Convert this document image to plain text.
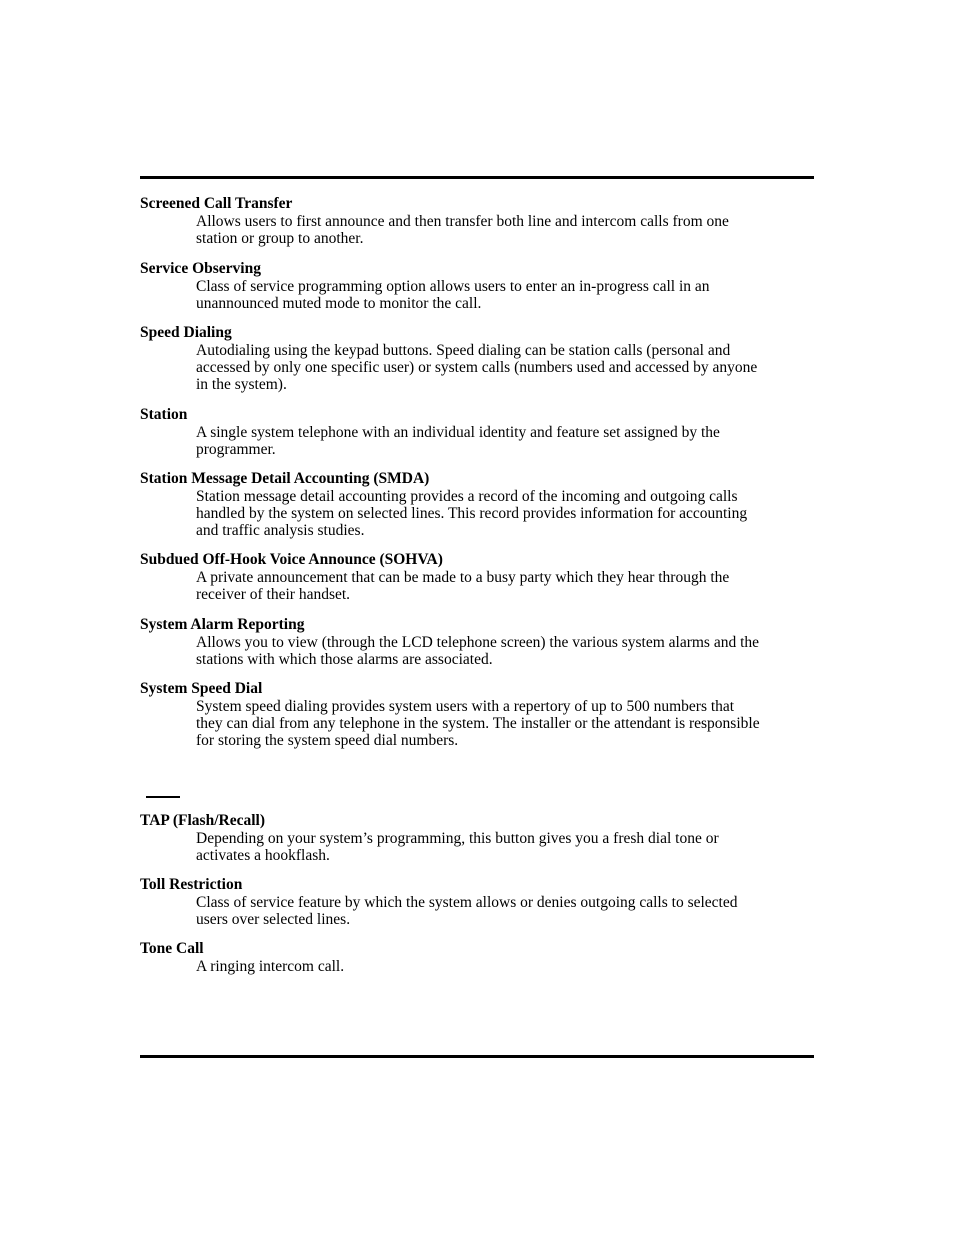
Screened Call Transfer
Allows users to first announce and then transfer both line and intercom calls from one station or group to another.
Service Observing
Class of service programming option allows users to enter an in-progress call in an unannounced muted mode to monitor the call.
Speed Dialing
Autodialing using the keypad buttons. Speed dialing can be station calls (personal and accessed by only one specific user) or system calls (numbers used and accessed by anyone in the system).
Station
A single system telephone with an individual identity and feature set assigned by the programmer.
Station Message Detail Accounting (SMDA)
Station message detail accounting provides a record of the incoming and outgoing calls handled by the system on selected lines. This record provides information for accounting and traffic analysis studies.
Subdued Off-Hook Voice Announce (SOHVA)
A private announcement that can be made to a busy party which they hear through the receiver of their handset.
System Alarm Reporting
Allows you to view (through the LCD telephone screen) the various system alarms and the stations with which those alarms are associated.
System Speed Dial
System speed dialing provides system users with a repertory of up to 500 numbers that they can dial from any telephone in the system. The installer or the attendant is responsible for storing the system speed dial numbers.
TAP (Flash/Recall)
Depending on your system’s programming, this button gives you a fresh dial tone or activates a hookflash.
Toll Restriction
Class of service feature by which the system allows or denies outgoing calls to selected users over selected lines.
Tone Call
A ringing intercom call.
